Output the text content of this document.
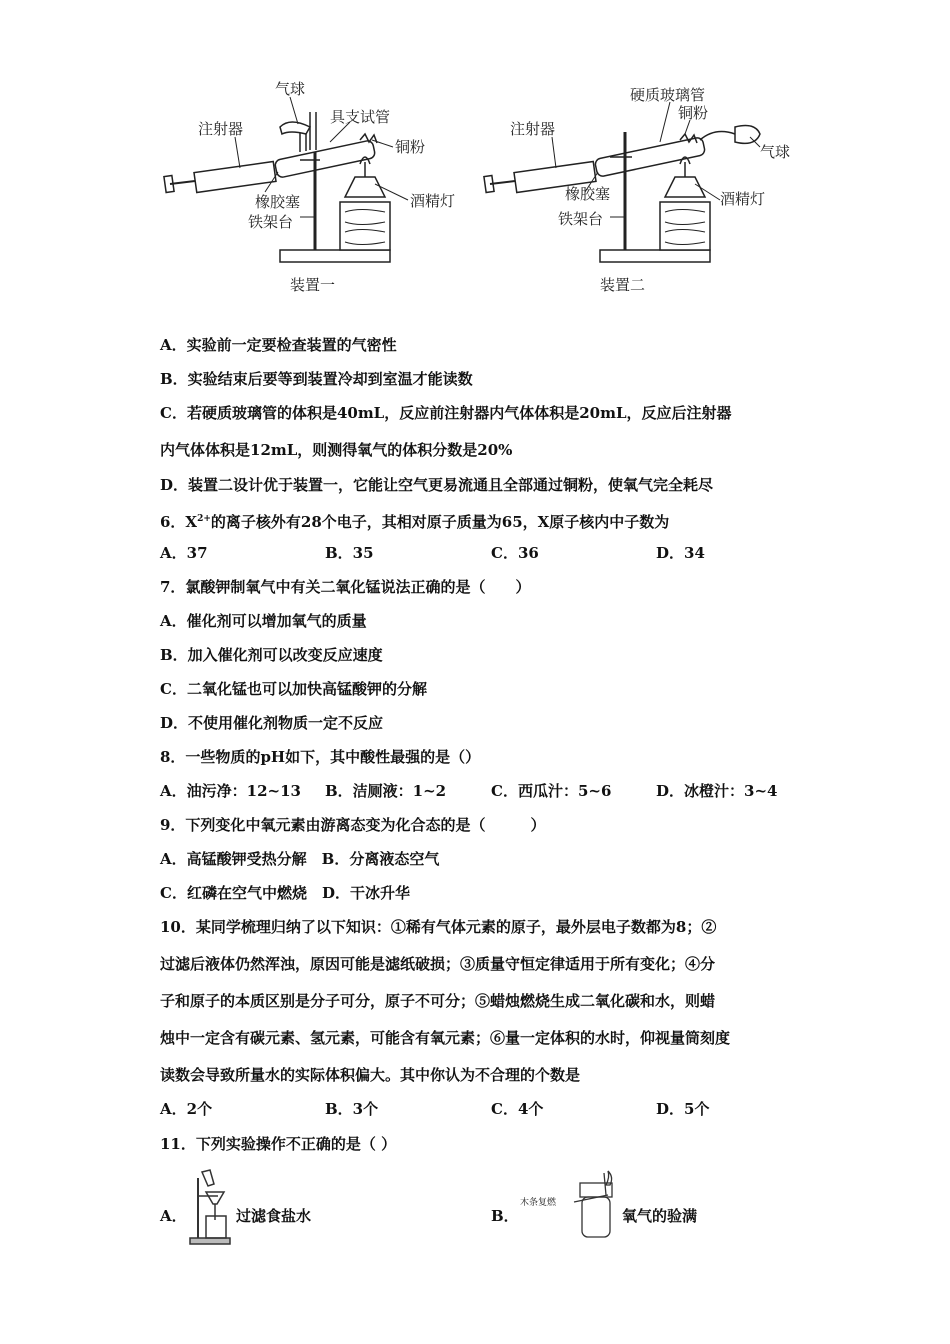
气球
注射器
具支试管
铜粉
橡胶塞	酒精灯
铁架台
装置一
硬质玻璃管
注射器
铜粉
气球
橡胶塞	酒精灯
铁架台
装置二
A．实验前一定要检查装置的气密性
B．实验结束后要等到装置冷却到室温才能读数
C．若硬质玻璃管的体积是40mL，反应前注射器内气体体积是20mL，反应后注射器
内气体体积是12mL，则测得氧气的体积分数是20%
D．装置二设计优于装置一，它能让空气更易流通且全部通过铜粉，使氧气完全耗尽
6．$X^{2+}$的离子核外有28个电子，其相对原子质量为65，X原子核内中子数为
A．37	B．35	C．36	D．34
7．氯酸钾制氧气中有关二氧化锰说法正确的是（　　）
A．催化剂可以增加氧气的质量
B．加入催化剂可以改变反应速度
C．二氧化锰也可以加快高锰酸钾的分解
D．不使用催化剂物质一定不反应
8．一些物质的pH如下，其中酸性最强的是（）
A．油污净：12~13 B．洁厕液：1~2	C．西瓜汁：5~6	D．冰橙汁：3~4
9．下列变化中氧元素由游离态变为化合态的是（　　　）
A．高锰酸钾受热分解　B．分离液态空气
C．红磷在空气中燃烧　D．干冰升华
10．某同学梳理归纳了以下知识：①稀有气体元素的原子，最外层电子数都为8；②
过滤后液体仍然浑浊，原因可能是滤纸破损；③质量守恒定律适用于所有变化；④分
子和原子的本质区别是分子可分，原子不可分；⑤蜡烛燃烧生成二氧化碳和水，则蜡
烛中一定含有碳元素、氢元素，可能含有氧元素；⑥量一定体积的水时，仰视量筒刻度
读数会导致所量水的实际体积偏大。其中你认为不合理的个数是
A．2个	B．3个	C．4个	D．5个
11．下列实验操作不正确的是（ ）
A．	过滤食盐水	B．
木条复燃
氧气的验满
